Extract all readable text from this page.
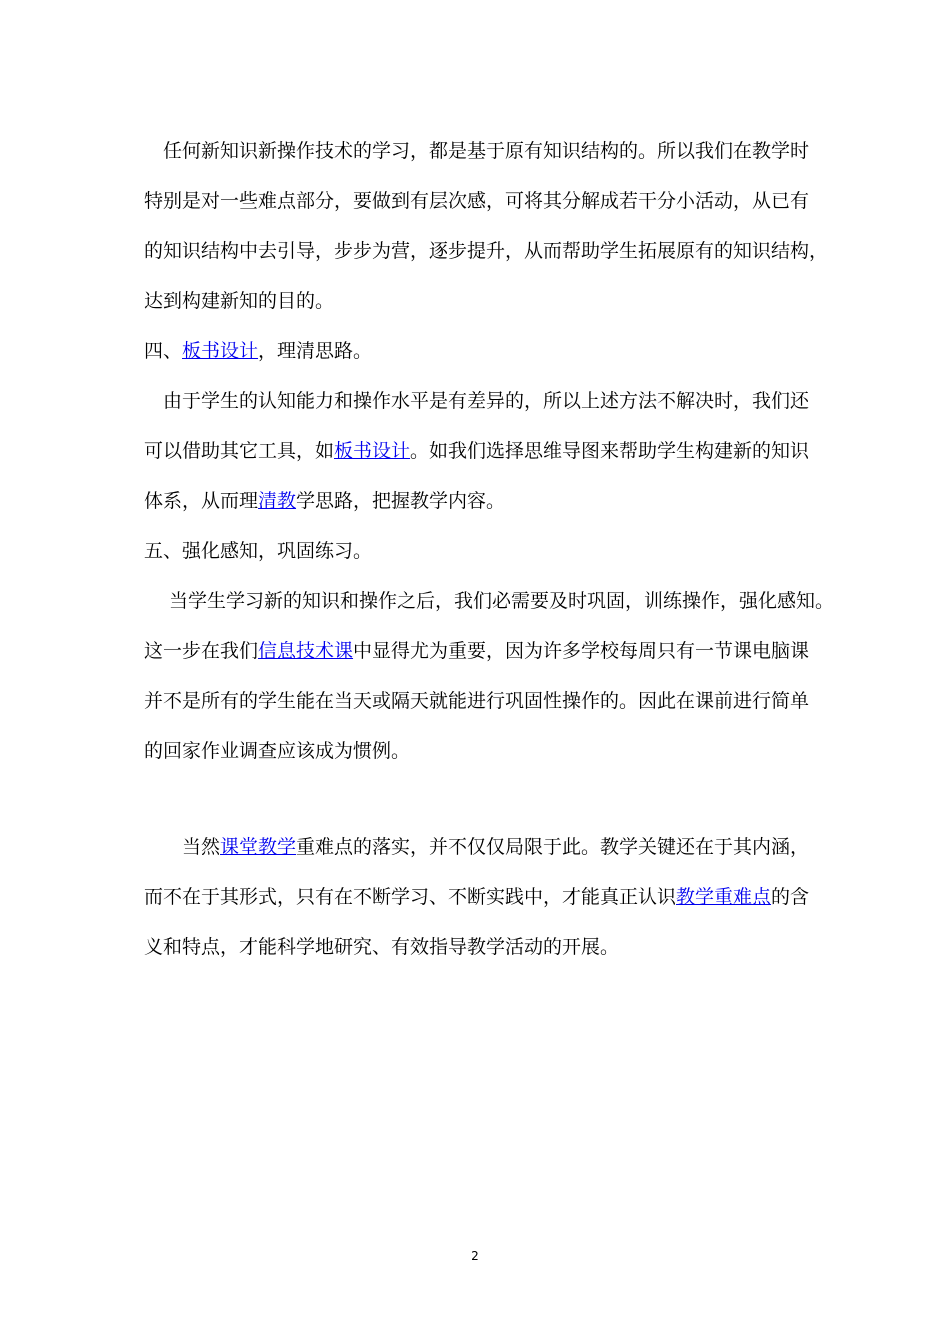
　任何新知识新操作技术的学习，都是基于原有知识结构的。所以我们在教学时
特别是对一些难点部分，要做到有层次感，可将其分解成若干分小活动，从已有
的知识结构中去引导，步步为营，逐步提升，从而帮助学生拓展原有的知识结构，
达到构建新知的目的。

四、板书设计，理清思路。

　由于学生的认知能力和操作水平是有差异的，所以上述方法不解决时，我们还
可以借助其它工具，如板书设计。如我们选择思维导图来帮助学生构建新的知识
体系，从而理清教学思路，把握教学内容。

五、强化感知，巩固练习。

　 当学生学习新的知识和操作之后，我们必需要及时巩固，训练操作，强化感知。
这一步在我们信息技术课中显得尤为重要，因为许多学校每周只有一节课电脑课
并不是所有的学生能在当天或隔天就能进行巩固性操作的。因此在课前进行简单
的回家作业调查应该成为惯例。

　　当然课堂教学重难点的落实，并不仅仅局限于此。教学关键还在于其内涵，
而不在于其形式，只有在不断学习、不断实践中，才能真正认识教学重难点的含
义和特点，才能科学地研究、有效指导教学活动的开展。

2
